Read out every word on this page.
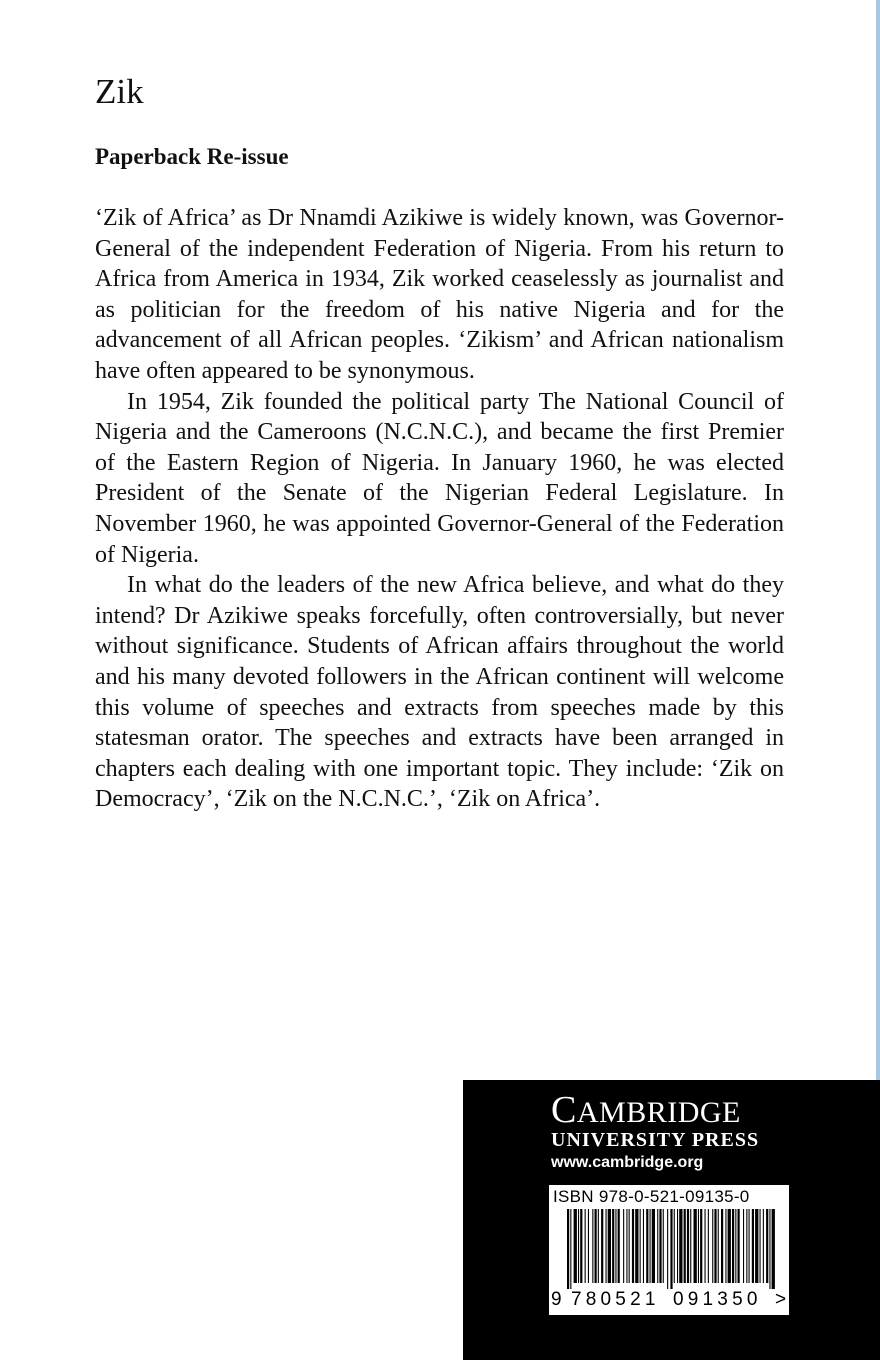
Zik
Paperback Re-issue

‘Zik of Africa’ as Dr Nnamdi Azikiwe is widely known, was Governor-General of the independent Federation of Nigeria. From his return to Africa from America in 1934, Zik worked ceaselessly as journalist and as politician for the freedom of his native Nigeria and for the advancement of all African peoples. ‘Zikism’ and African nationalism have often appeared to be synonymous.

In 1954, Zik founded the political party The National Council of Nigeria and the Cameroons (N.C.N.C.), and became the first Premier of the Eastern Region of Nigeria. In January 1960, he was elected President of the Senate of the Nigerian Federal Legislature. In November 1960, he was appointed Governor-General of the Federation of Nigeria.

In what do the leaders of the new Africa believe, and what do they intend? Dr Azikiwe speaks forcefully, often controversially, but never without significance. Students of African affairs throughout the world and his many devoted followers in the African continent will welcome this volume of speeches and extracts from speeches made by this statesman orator. The speeches and extracts have been arranged in chapters each dealing with one important topic. They include: ‘Zik on Democracy’, ‘Zik on the N.C.N.C.’, ‘Zik on Africa’.

CAMBRIDGE
UNIVERSITY PRESS
www.cambridge.org
ISBN 978-0-521-09135-0
9 780521 091350 >
